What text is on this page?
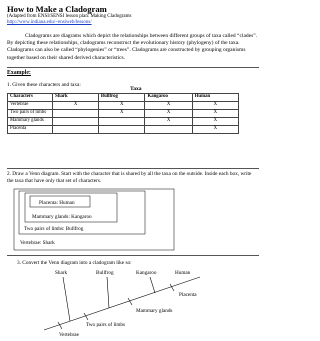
How to Make a Cladogram
(Adapted from ENSI/SENSI lesson plan: Making Cladograms
http://www.indiana.edu/~ensiweb/lessons/

Cladograms are diagrams which depict the relationships between different groups of taxa called “clades”. By depicting these relationships, cladograms reconstruct the evolutionary history (phylogeny) of the taxa. Cladograms can also be called “phylogenies” or “trees”. Cladograms are constructed by grouping organisms together based on their shared derived characteristics.

Example:
1. Given these characters and taxa:
Taxa
Characters	Shark	Bullfrog	Kangaroo	Human
Vertebrae	X	X	X	X
Two pairs of limbs		X	X	X
Mammary glands			X	X
Placenta				X
2. Draw a Venn diagram. Start with the character that is shared by all the taxa on the outside. Inside each box, write the taxa that have only that set of characters.
Placenta: Human
Mammary glands: Kangaroo
Two pairs of limbs: Bullfrog
Vertebrae: Shark
3. Convert the Venn diagram into a cladogram like so:
Shark	Bullfrog	Kangaroo	Human
Placenta
Mammary glands
Two pairs of limbs
Vertebrae
